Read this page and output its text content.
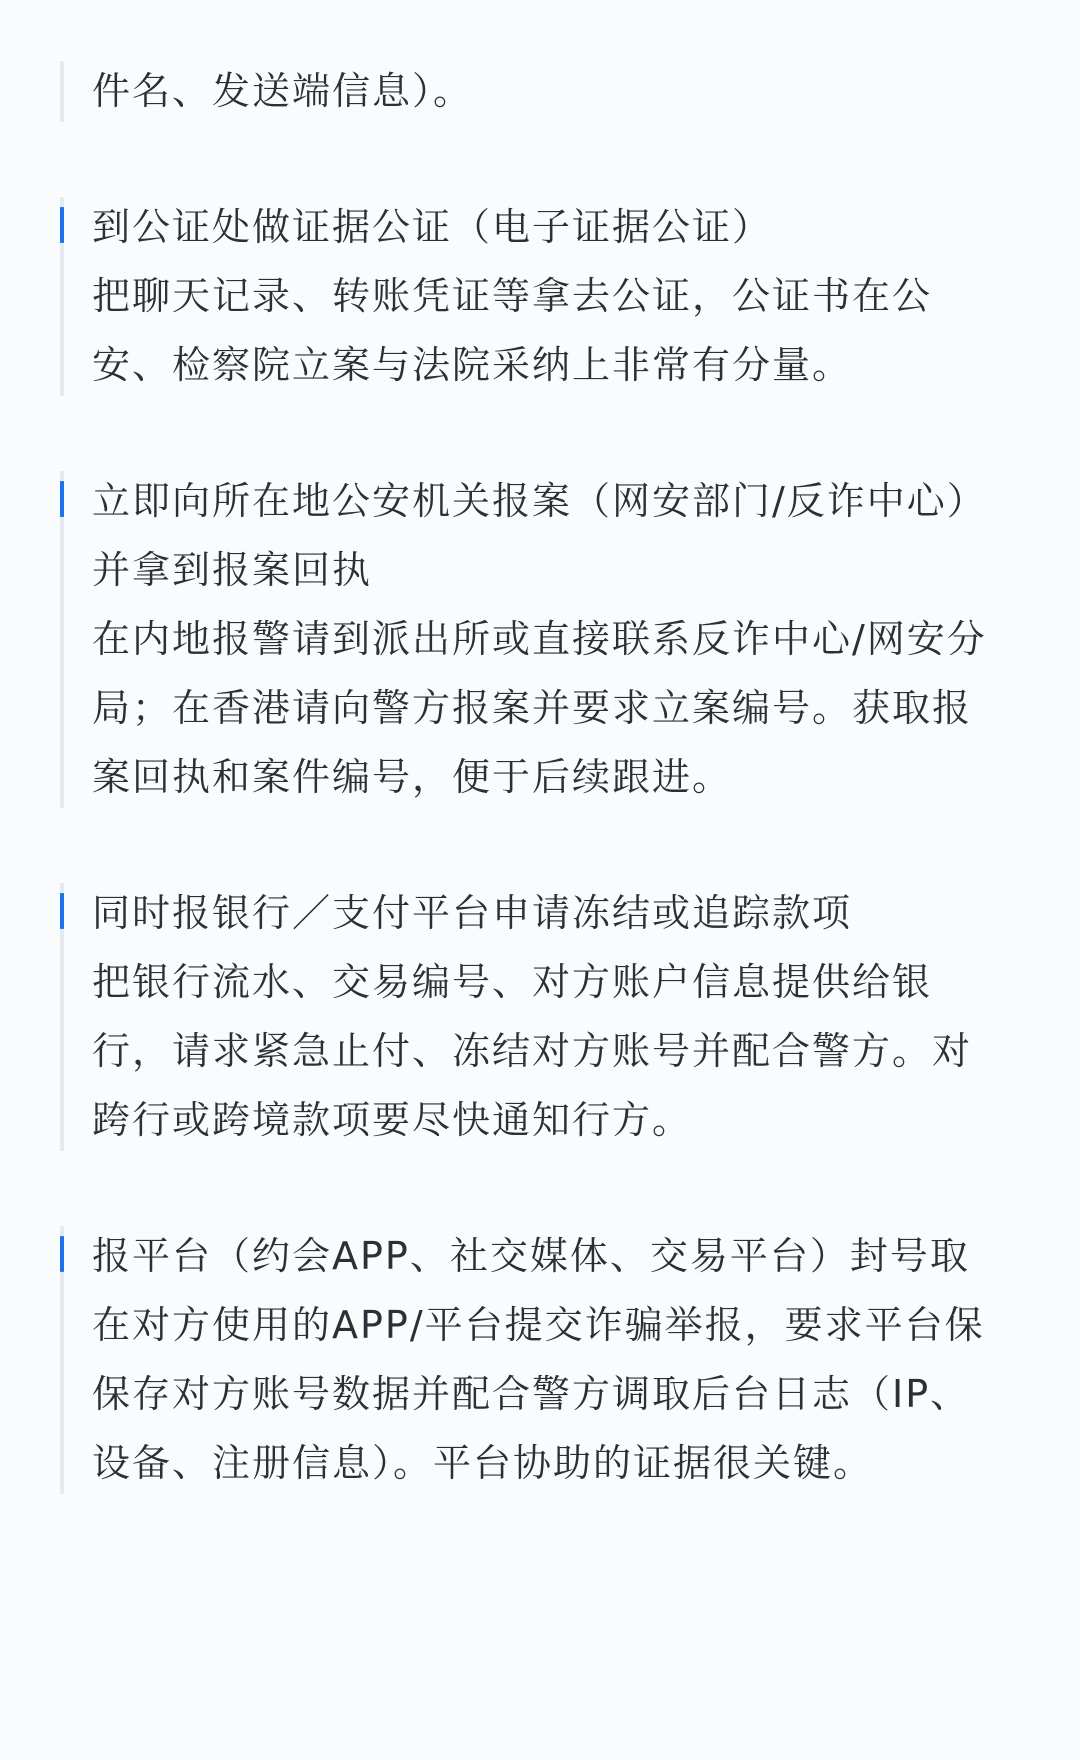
件名、发送端信息）。
到公证处做证据公证（电子证据公证）
把聊天记录、转账凭证等拿去公证，公证书在公
安、检察院立案与法院采纳上非常有分量。
立即向所在地公安机关报案（网安部门/反诈中心）
并拿到报案回执
在内地报警请到派出所或直接联系反诈中心/网安分
局；在香港请向警方报案并要求立案编号。获取报
案回执和案件编号，便于后续跟进。
同时报银行／支付平台申请冻结或追踪款项
把银行流水、交易编号、对方账户信息提供给银
行，请求紧急止付、冻结对方账号并配合警方。对
跨行或跨境款项要尽快通知行方。
报平台（约会APP、社交媒体、交易平台）封号取
在对方使用的APP/平台提交诈骗举报，要求平台保
保存对方账号数据并配合警方调取后台日志（IP、
设备、注册信息）。平台协助的证据很关键。
